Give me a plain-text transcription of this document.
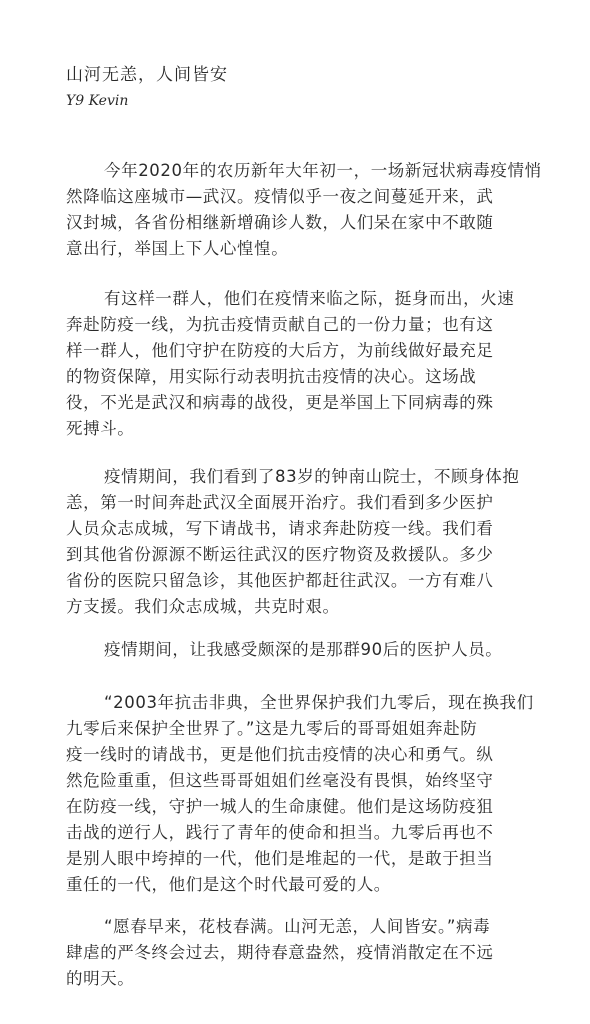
山河无恙，人间皆安
Y9 Kevin
今年2020年的农历新年大年初一，一场新冠状病毒疫情悄
然降临这座城市—武汉。疫情似乎一夜之间蔓延开来，武
汉封城，各省份相继新增确诊人数，人们呆在家中不敢随
意出行，举国上下人心惶惶。
有这样一群人，他们在疫情来临之际，挺身而出，火速
奔赴防疫一线，为抗击疫情贡献自己的一份力量；也有这
样一群人，他们守护在防疫的大后方，为前线做好最充足
的物资保障，用实际行动表明抗击疫情的决心。这场战
役，不光是武汉和病毒的战役，更是举国上下同病毒的殊
死搏斗。
疫情期间，我们看到了83岁的钟南山院士，不顾身体抱
恙，第一时间奔赴武汉全面展开治疗。我们看到多少医护
人员众志成城，写下请战书，请求奔赴防疫一线。我们看
到其他省份源源不断运往武汉的医疗物资及救援队。多少
省份的医院只留急诊，其他医护都赶往武汉。一方有难八
方支援。我们众志成城，共克时艰。
疫情期间，让我感受颇深的是那群90后的医护人员。
“2003年抗击非典，全世界保护我们九零后，现在换我们
九零后来保护全世界了。”这是九零后的哥哥姐姐奔赴防
疫一线时的请战书，更是他们抗击疫情的决心和勇气。纵
然危险重重，但这些哥哥姐姐们丝毫没有畏惧，始终坚守
在防疫一线，守护一城人的生命康健。他们是这场防疫狙
击战的逆行人，践行了青年的使命和担当。九零后再也不
是别人眼中垮掉的一代，他们是堆起的一代，是敢于担当
重任的一代，他们是这个时代最可爱的人。
“愿春早来，花枝春满。山河无恙，人间皆安。”病毒
肆虐的严冬终会过去，期待春意盎然，疫情消散定在不远
的明天。
